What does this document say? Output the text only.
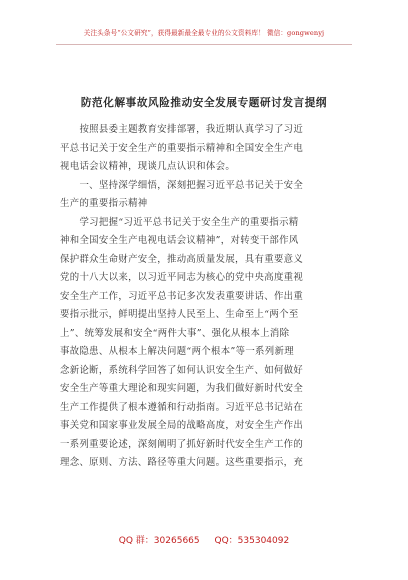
关注头条号“公文研究”，获得最新最全最专业的公文资料库！ 微信：gongwenyj
防范化解事故风险推动安全发展专题研讨发言提纲

　　按照县委主题教育安排部署，我近期认真学习了习近
平总书记关于安全生产的重要指示精神和全国安全生产电
视电话会议精神，现谈几点认识和体会。
　　一、坚持深学细悟，深刻把握习近平总书记关于安全
生产的重要指示精神
　　学习把握“习近平总书记关于安全生产的重要指示精
神和全国安全生产电视电话会议精神”，对转变干部作风
保护群众生命财产安全，推动高质量发展，具有重要意义
党的十八大以来，以习近平同志为核心的党中央高度重视
安全生产工作，习近平总书记多次发表重要讲话、作出重
要指示批示，鲜明提出坚持人民至上、生命至上“两个至
上”、统筹发展和安全“两件大事”、强化从根本上消除
事故隐患、从根本上解决问题“两个根本”等一系列新理
念新论断，系统科学回答了如何认识安全生产、如何做好
安全生产等重大理论和现实问题，为我们做好新时代安全
生产工作提供了根本遵循和行动指南。习近平总书记站在
事关党和国家事业发展全局的战略高度，对安全生产作出
一系列重要论述，深刻阐明了抓好新时代安全生产工作的
理念、原则、方法、路径等重大问题。这些重要指示，充

QQ 群：30265665 QQ：535304092
